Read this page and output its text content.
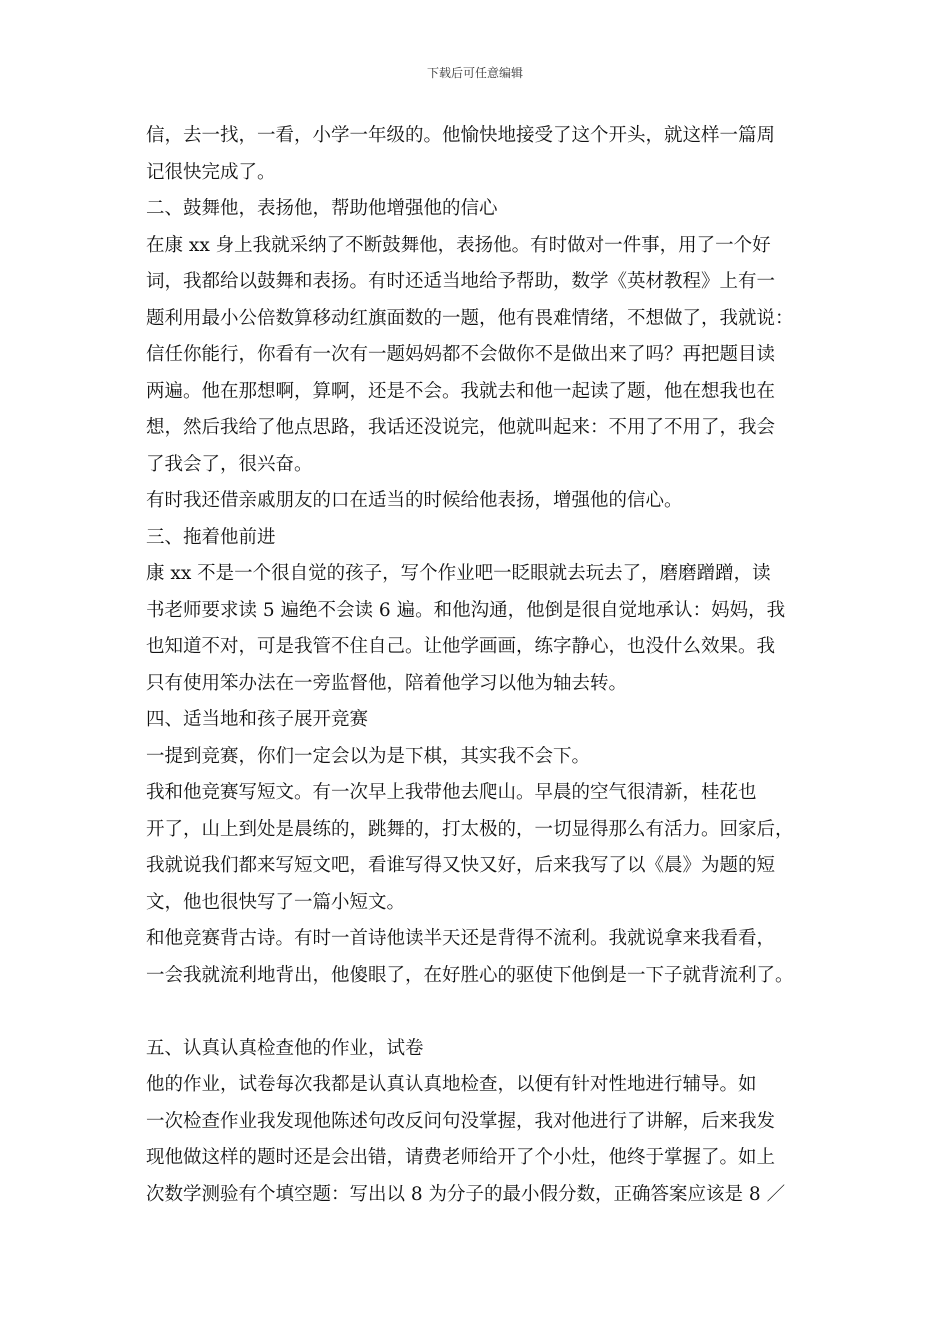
下载后可任意编辑
信，去一找，一看，小学一年级的。他愉快地接受了这个开头，就这样一篇周
记很快完成了。
二、鼓舞他，表扬他，帮助他增强他的信心
在康 xx 身上我就采纳了不断鼓舞他，表扬他。有时做对一件事，用了一个好
词，我都给以鼓舞和表扬。有时还适当地给予帮助，数学《英材教程》上有一
题利用最小公倍数算移动红旗面数的一题，他有畏难情绪，不想做了，我就说：
信任你能行，你看有一次有一题妈妈都不会做你不是做出来了吗？再把题目读
两遍。他在那想啊，算啊，还是不会。我就去和他一起读了题，他在想我也在
想，然后我给了他点思路，我话还没说完，他就叫起来：不用了不用了，我会
了我会了，很兴奋。
有时我还借亲戚朋友的口在适当的时候给他表扬，增强他的信心。
三、拖着他前进
康 xx 不是一个很自觉的孩子，写个作业吧一眨眼就去玩去了，磨磨蹭蹭，读
书老师要求读 5 遍绝不会读 6 遍。和他沟通，他倒是很自觉地承认：妈妈，我
也知道不对，可是我管不住自己。让他学画画，练字静心，也没什么效果。我
只有使用笨办法在一旁监督他，陪着他学习以他为轴去转。
四、适当地和孩子展开竞赛
一提到竞赛，你们一定会以为是下棋，其实我不会下。
我和他竞赛写短文。有一次早上我带他去爬山。早晨的空气很清新，桂花也
开了，山上到处是晨练的，跳舞的，打太极的，一切显得那么有活力。回家后，
我就说我们都来写短文吧，看谁写得又快又好，后来我写了以《晨》为题的短
文，他也很快写了一篇小短文。
和他竞赛背古诗。有时一首诗他读半天还是背得不流利。我就说拿来我看看，
一会我就流利地背出，他傻眼了，在好胜心的驱使下他倒是一下子就背流利了。
五、认真认真检查他的作业，试卷
他的作业，试卷每次我都是认真认真地检查，以便有针对性地进行辅导。如
一次检查作业我发现他陈述句改反问句没掌握，我对他进行了讲解，后来我发
现他做这样的题时还是会出错，请费老师给开了个小灶，他终于掌握了。如上
次数学测验有个填空题：写出以 8 为分子的最小假分数，正确答案应该是 8 ／
